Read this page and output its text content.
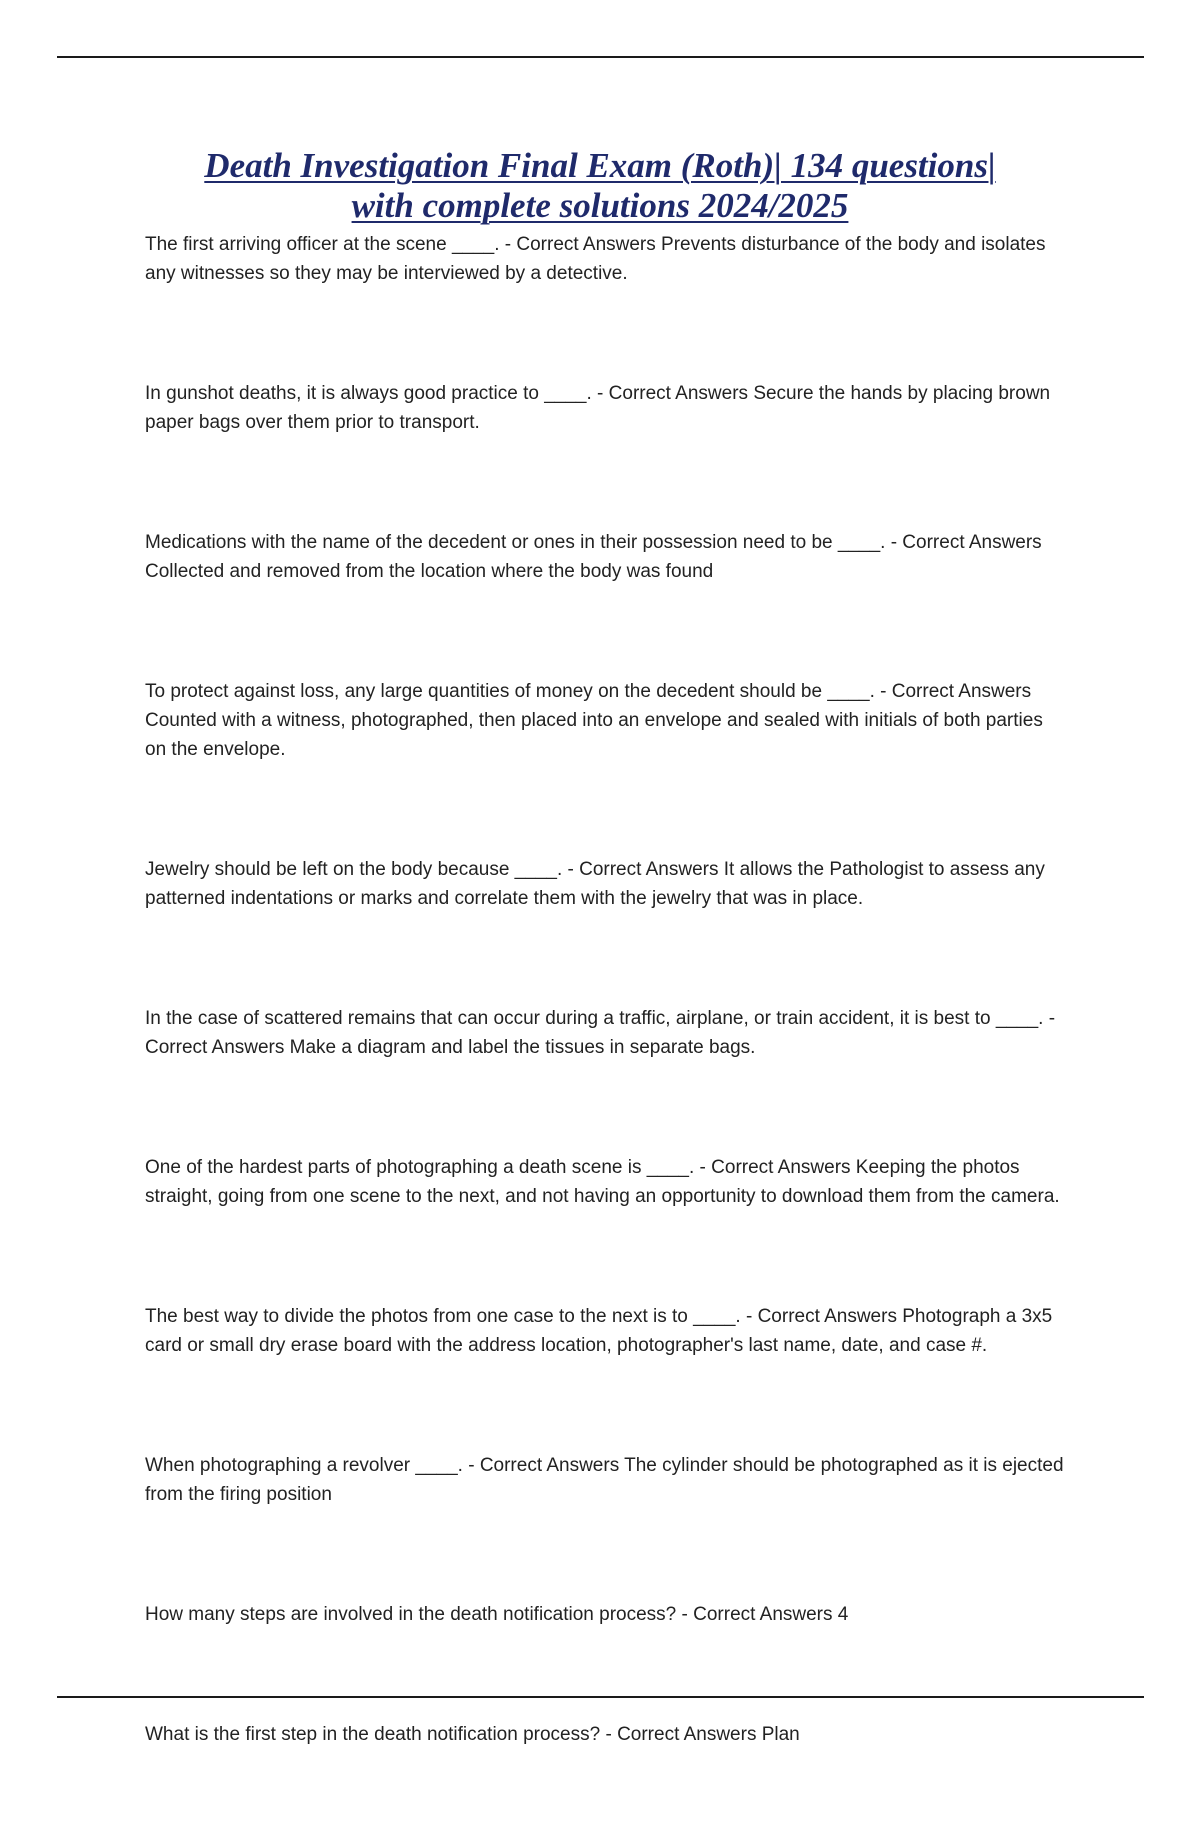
Death Investigation Final Exam (Roth)| 134 questions|
with complete solutions 2024/2025
The first arriving officer at the scene ____. - Correct Answers Prevents disturbance of the body and isolates any witnesses so they may be interviewed by a detective.
In gunshot deaths, it is always good practice to ____. - Correct Answers Secure the hands by placing brown paper bags over them prior to transport.
Medications with the name of the decedent or ones in their possession need to be ____. - Correct Answers Collected and removed from the location where the body was found
To protect against loss, any large quantities of money on the decedent should be ____. - Correct Answers Counted with a witness, photographed, then placed into an envelope and sealed with initials of both parties on the envelope.
Jewelry should be left on the body because ____. - Correct Answers It allows the Pathologist to assess any patterned indentations or marks and correlate them with the jewelry that was in place.
In the case of scattered remains that can occur during a traffic, airplane, or train accident, it is best to ____. - Correct Answers Make a diagram and label the tissues in separate bags.
One of the hardest parts of photographing a death scene is ____. - Correct Answers Keeping the photos straight, going from one scene to the next, and not having an opportunity to download them from the camera.
The best way to divide the photos from one case to the next is to ____. - Correct Answers Photograph a 3x5 card or small dry erase board with the address location, photographer's last name, date, and case #.
When photographing a revolver ____. - Correct Answers The cylinder should be photographed as it is ejected from the firing position
How many steps are involved in the death notification process? - Correct Answers 4
What is the first step in the death notification process? - Correct Answers Plan
